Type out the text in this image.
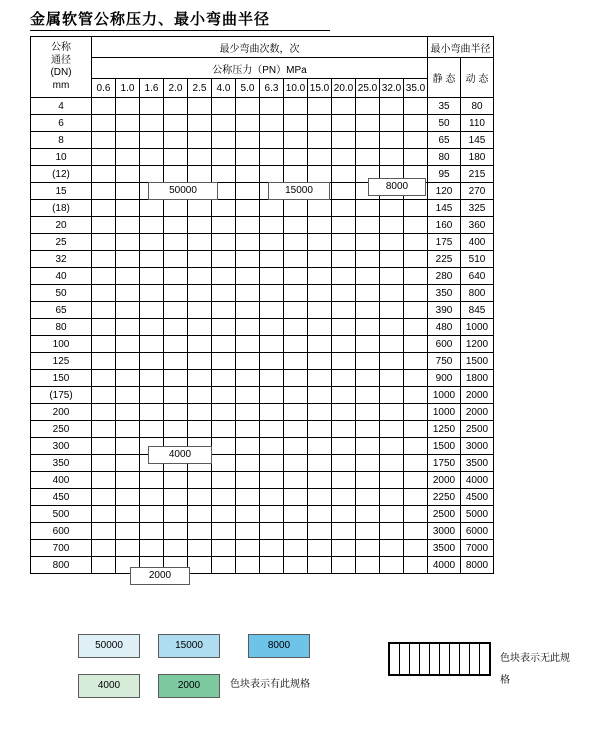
金属软管公称压力、最小弯曲半径
公称
通径
(DN)
mm	最少弯曲次数，次														最小弯曲半径	
	公称压力（PN）MPa														静 态	动 态
	0.6	1.0	1.6	2.0	2.5	4.0	5.0	6.3	10.0	15.0	20.0	25.0	32.0	35.0		
4															35	80
6															50	110
8															65	145
10															80	180
(12)															95	215
15															120	270
(18)															145	325
20															160	360
25															175	400
32															225	510
40															280	640
50															350	800
65															390	845
80															480	1000
100															600	1200
125															750	1500
150															900	1800
(175)															1000	2000
200															1000	2000
250															1250	2500
300															1500	3000
350															1750	3500
400															2000	4000
450															2250	4500
500															2500	5000
600															3000	6000
700															3500	7000
800															4000	8000
50000	15000	8000
4000
2000
50000	15000	8000
4000	2000	色块表示有此规格

色块表示无此规格
